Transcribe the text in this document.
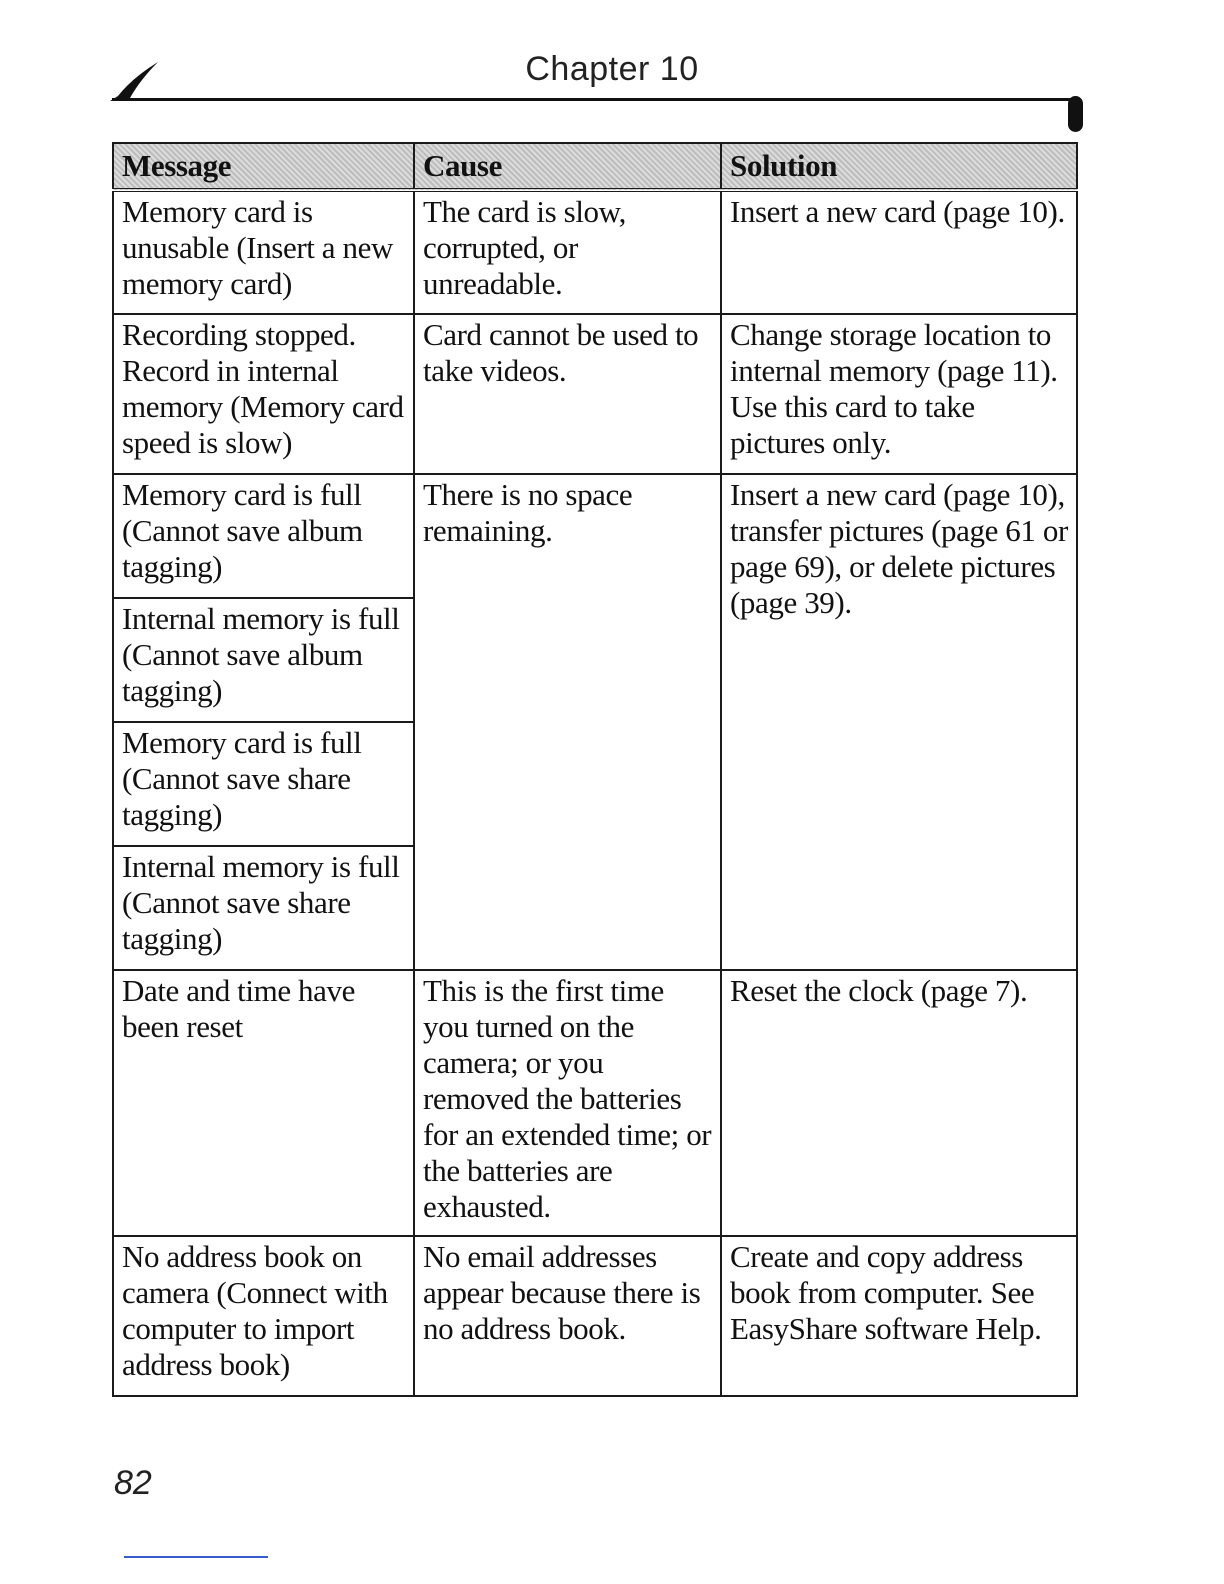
Chapter 10
Message	Cause	Solution
Memory card is unusable (Insert a new memory card)	The card is slow, corrupted, or unreadable.	Insert a new card (page 10).
Recording stopped. Record in internal memory (Memory card speed is slow)	Card cannot be used to take videos.	Change storage location to internal memory (page 11). Use this card to take pictures only.
Memory card is full (Cannot save album tagging)	There is no space remaining.	Insert a new card (page 10), transfer pictures (page 61 or page 69), or delete pictures (page 39).
Internal memory is full (Cannot save album tagging)		
Memory card is full (Cannot save share tagging)		
Internal memory is full (Cannot save share tagging)		
Date and time have been reset	This is the first time you turned on the camera; or you removed the batteries for an extended time; or the batteries are exhausted.	Reset the clock (page 7).
No address book on camera (Connect with computer to import address book)	No email addresses appear because there is no address book.	Create and copy address book from computer. See EasyShare software Help.
82
